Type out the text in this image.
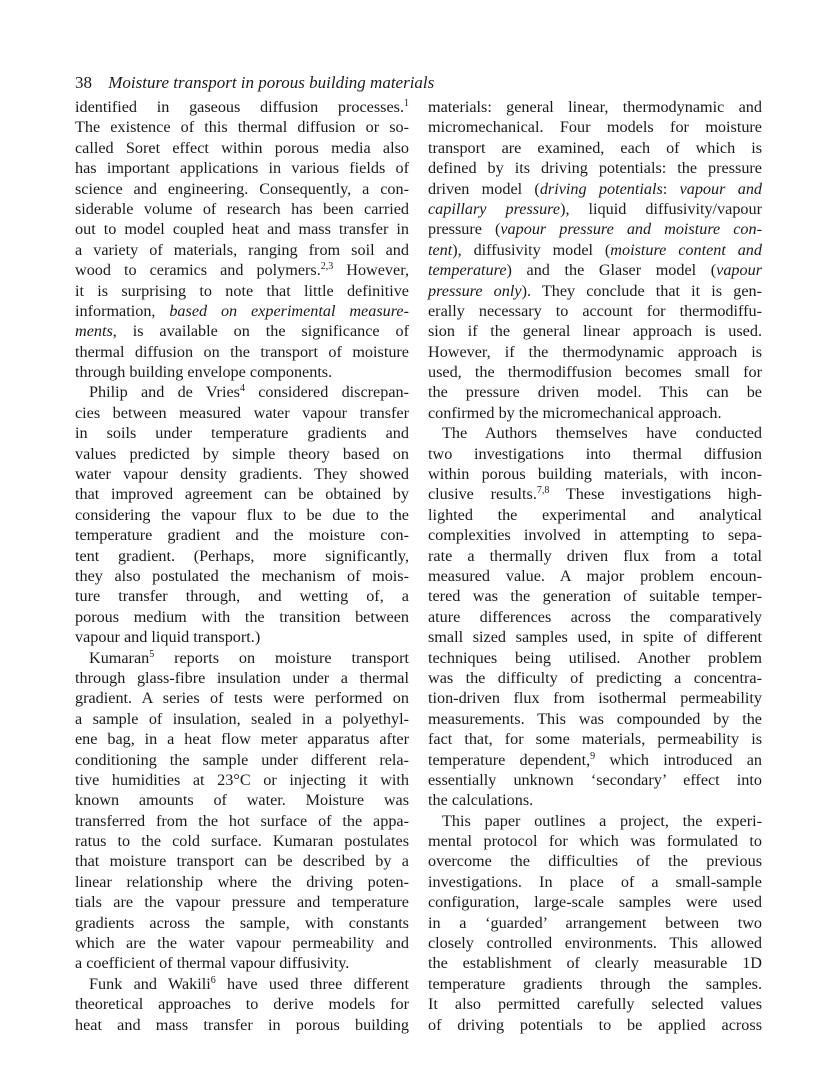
38 Moisture transport in porous building materials
identified in gaseous diffusion processes.$^1$
The existence of this thermal diffusion or so-
called Soret effect within porous media also
has important applications in various fields of
science and engineering. Consequently, a con-
siderable volume of research has been carried
out to model coupled heat and mass transfer in
a variety of materials, ranging from soil and
wood to ceramics and polymers.$^{2,3}$ However,
it is surprising to note that little definitive
information, based on experimental measure-
ments, is available on the significance of
thermal diffusion on the transport of moisture
through building envelope components.
Philip and de Vries$^4$ considered discrepan-
cies between measured water vapour transfer
in soils under temperature gradients and
values predicted by simple theory based on
water vapour density gradients. They showed
that improved agreement can be obtained by
considering the vapour flux to be due to the
temperature gradient and the moisture con-
tent gradient. (Perhaps, more significantly,
they also postulated the mechanism of mois-
ture transfer through, and wetting of, a
porous medium with the transition between
vapour and liquid transport.)
Kumaran$^5$ reports on moisture transport
through glass-fibre insulation under a thermal
gradient. A series of tests were performed on
a sample of insulation, sealed in a polyethyl-
ene bag, in a heat flow meter apparatus after
conditioning the sample under different rela-
tive humidities at 23°C or injecting it with
known amounts of water. Moisture was
transferred from the hot surface of the appa-
ratus to the cold surface. Kumaran postulates
that moisture transport can be described by a
linear relationship where the driving poten-
tials are the vapour pressure and temperature
gradients across the sample, with constants
which are the water vapour permeability and
a coefficient of thermal vapour diffusivity.
Funk and Wakili$^6$ have used three different
theoretical approaches to derive models for
heat and mass transfer in porous building
materials: general linear, thermodynamic and
micromechanical. Four models for moisture
transport are examined, each of which is
defined by its driving potentials: the pressure
driven model (driving potentials: vapour and
capillary pressure), liquid diffusivity/vapour
pressure (vapour pressure and moisture con-
tent), diffusivity model (moisture content and
temperature) and the Glaser model (vapour
pressure only). They conclude that it is gen-
erally necessary to account for thermodiffu-
sion if the general linear approach is used.
However, if the thermodynamic approach is
used, the thermodiffusion becomes small for
the pressure driven model. This can be
confirmed by the micromechanical approach.
The Authors themselves have conducted
two investigations into thermal diffusion
within porous building materials, with incon-
clusive results.$^{7,8}$ These investigations high-
lighted the experimental and analytical
complexities involved in attempting to sepa-
rate a thermally driven flux from a total
measured value. A major problem encoun-
tered was the generation of suitable temper-
ature differences across the comparatively
small sized samples used, in spite of different
techniques being utilised. Another problem
was the difficulty of predicting a concentra-
tion-driven flux from isothermal permeability
measurements. This was compounded by the
fact that, for some materials, permeability is
temperature dependent,$^9$ which introduced an
essentially unknown ‘secondary’ effect into
the calculations.
This paper outlines a project, the experi-
mental protocol for which was formulated to
overcome the difficulties of the previous
investigations. In place of a small-sample
configuration, large-scale samples were used
in a ‘guarded’ arrangement between two
closely controlled environments. This allowed
the establishment of clearly measurable 1D
temperature gradients through the samples.
It also permitted carefully selected values
of driving potentials to be applied across
